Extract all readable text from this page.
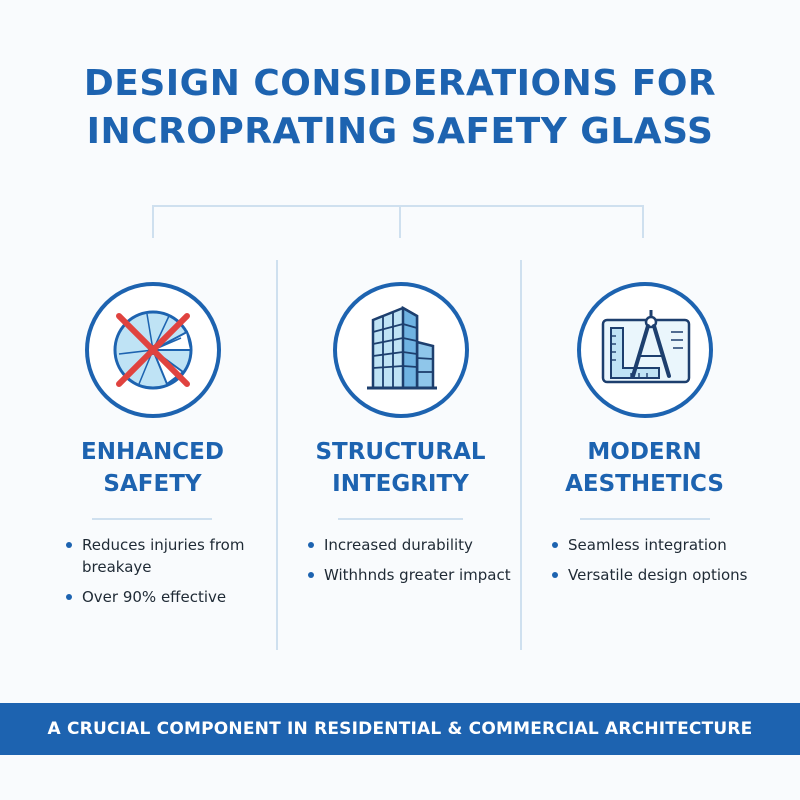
DESIGN CONSIDERATIONS FOR
INCROPRATING SAFETY GLASS
ENHANCED
SAFETY
Reduces injuries from breakaye
Over 90% effective
STRUCTURAL
INTEGRITY
Increased durability
Withhnds greater impact
MODERN
AESTHETICS
Seamless integration
Versatile design options
A CRUCIAL COMPONENT IN RESIDENTIAL & COMMERCIAL ARCHITECTURE
